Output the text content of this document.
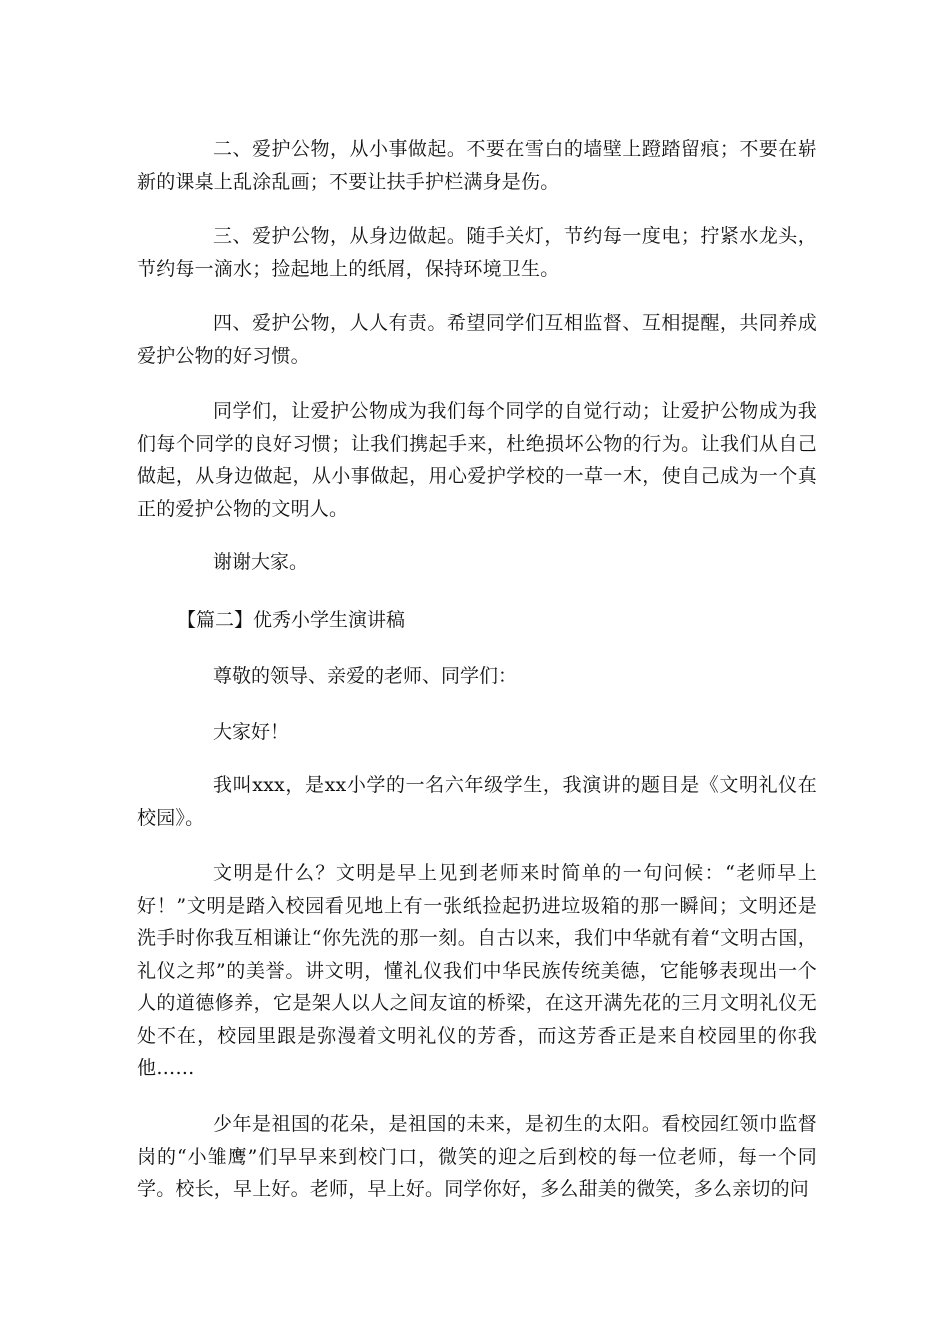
二、爱护公物，从小事做起。不要在雪白的墙壁上蹬踏留痕；不要在崭新的课桌上乱涂乱画；不要让扶手护栏满身是伤。

三、爱护公物，从身边做起。随手关灯，节约每一度电；拧紧水龙头，节约每一滴水；捡起地上的纸屑，保持环境卫生。

四、爱护公物，人人有责。希望同学们互相监督、互相提醒，共同养成爱护公物的好习惯。

同学们，让爱护公物成为我们每个同学的自觉行动；让爱护公物成为我们每个同学的良好习惯；让我们携起手来，杜绝损坏公物的行为。让我们从自己做起，从身边做起，从小事做起，用心爱护学校的一草一木，使自己成为一个真正的爱护公物的文明人。

谢谢大家。

【篇二】优秀小学生演讲稿

尊敬的领导、亲爱的老师、同学们：

大家好！

我叫xxx，是xx小学的一名六年级学生，我演讲的题目是《文明礼仪在校园》。

文明是什么？文明是早上见到老师来时简单的一句问候：“老师早上好！”文明是踏入校园看见地上有一张纸捡起扔进垃圾箱的那一瞬间；文明还是洗手时你我互相谦让“你先洗的那一刻。自古以来，我们中华就有着“文明古国，礼仪之邦”的美誉。讲文明，懂礼仪我们中华民族传统美德，它能够表现出一个人的道德修养，它是架人以人之间友谊的桥梁，在这开满先花的三月文明礼仪无处不在，校园里跟是弥漫着文明礼仪的芳香，而这芳香正是来自校园里的你我他……

少年是祖国的花朵，是祖国的未来，是初生的太阳。看校园红领巾监督岗的“小雏鹰”们早早来到校门口，微笑的迎之后到校的每一位老师，每一个同学。校长，早上好。老师，早上好。同学你好，多么甜美的微笑，多么亲切的问
